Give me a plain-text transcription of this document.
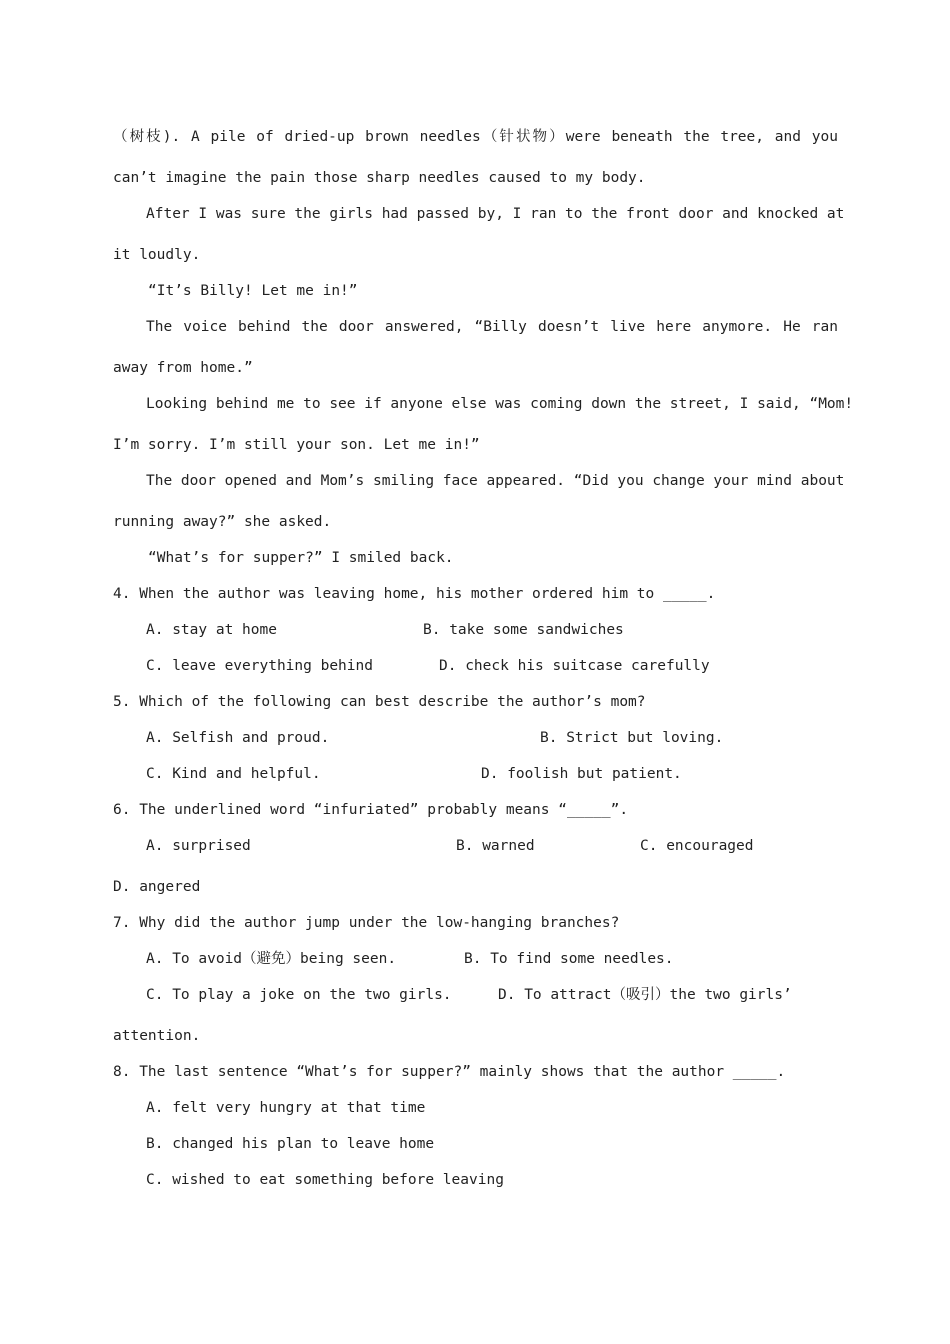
（树枝). A pile of dried-up brown needles（针状物）were beneath the tree, and you
can’t imagine the pain those sharp needles caused to my body.
After I was sure the girls had passed by, I ran to the front door and knocked at
it loudly.
“It’s Billy! Let me in!”
The voice behind the door answered, “Billy doesn’t live here anymore. He ran
away from home.”
Looking behind me to see if anyone else was coming down the street, I said, “Mom!
I’m sorry. I’m still your son. Let me in!”
The door opened and Mom’s smiling face appeared. “Did you change your mind about
running away?” she asked.
“What’s for supper?” I smiled back.
4. When the author was leaving home, his mother ordered him to _____.
A. stay at home	B. take some sandwiches
C. leave everything behind	D. check his suitcase carefully
5. Which of the following can best describe the author’s mom?
A. Selfish and proud.	B. Strict but loving.
C. Kind and helpful.	D. foolish but patient.
6. The underlined word “infuriated” probably means “_____”.
A. surprised	B. warned	C. encouraged
D. angered
7. Why did the author jump under the low-hanging branches?
A. To avoid（避免）being seen.	B. To find some needles.
C. To play a joke on the two girls.	D. To attract（吸引）the two girls’
attention.
8. The last sentence “What’s for supper?” mainly shows that the author _____.
A. felt very hungry at that time
B. changed his plan to leave home
C. wished to eat something before leaving
